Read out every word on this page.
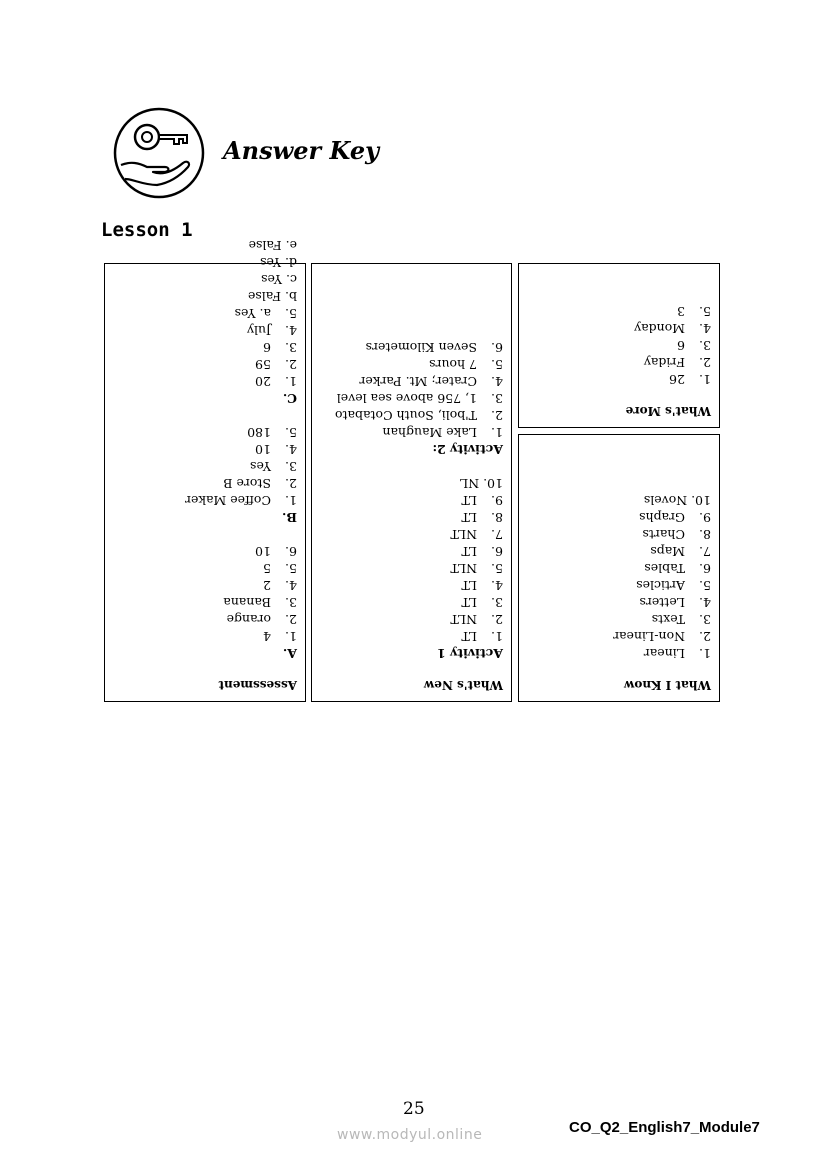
Answer Key
Lesson 1
What I Know
1.
Linear
2.
Non-Linear
3.
Texts
4.
Letters
5.
Articles
6.
Tables
7.
Maps
8.
Charts
9.
Graphs
10. Novels
What's More
1.
26
2.
Friday
3.
6
4.
Monday
5.
3
What's New
Activity 1
1.
LT
2.
NLT
3.
LT
4.
LT
5.
NLT
6.
LT
7.
NLT
8.
LT
9.
LT
10. NL
Activity 2:
1.
Lake Maughan
2.
T'boli, South Cotabato
3.
1, 756 above sea level
4.
Crater; Mt. Parker
5.
7 hours
6.
Seven Kilometers
Assessment
A.
1.
4
2.
orange
3.
Banana
4.
2
5.
5
6.
10
B.
1.
Coffee Maker
2.
Store B
3.
Yes
4.
10
5.
180
C.
1.
20
2.
59
3.
6
4.
July
5.
a. Yes
b. False
c. Yes
d. Yes
e. False
25
www.modyul.online	CO_Q2_English7_Module7
